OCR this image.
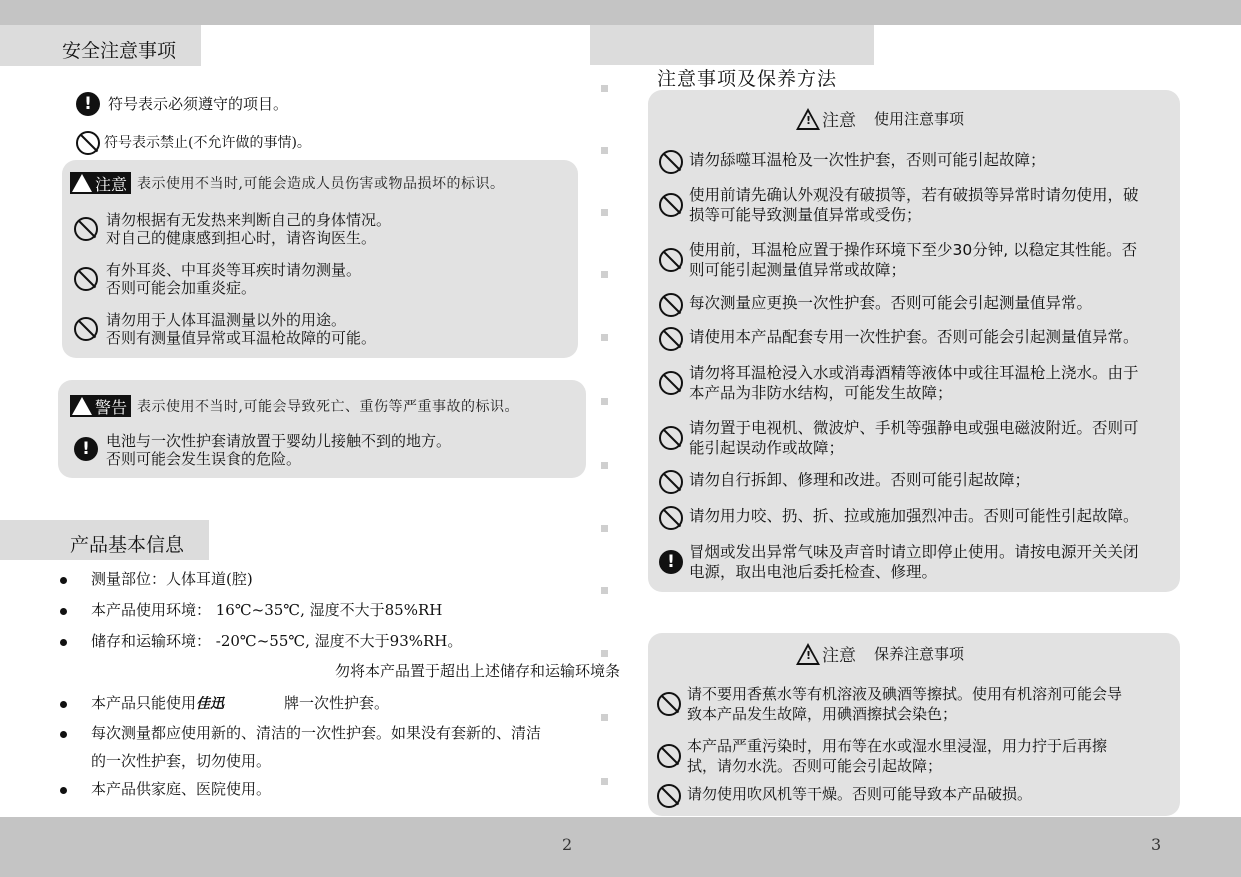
安全注意事项
!	符号表示必须遵守的项目。
符号表示禁止(不允许做的事情)。
!
注意 表示使用不当时,可能会造成人员伤害或物品损坏的标识。
请勿根据有无发热来判断自己的身体情况。
对自己的健康感到担心时，请咨询医生。
有外耳炎、中耳炎等耳疾时请勿测量。
否则可能会加重炎症。
请勿用于人体耳温测量以外的用途。
否则有测量值异常或耳温枪故障的可能。
!
警告 表示使用不当时,可能会导致死亡、重伤等严重事故的标识。
!	电池与一次性护套请放置于婴幼儿接触不到的地方。
否则可能会发生误食的危险。
产品基本信息
测量部位：人体耳道(腔)
本产品使用环境： 16℃~35℃, 湿度不大于85%RH
储存和运输环境： -20℃~55℃, 湿度不大于93%RH。
勿将本产品置于超出上述储存和运输环境条
本产品只能使用佳迅	牌一次性护套。
每次测量都应使用新的、清洁的一次性护套。如果没有套新的、清洁
的一次性护套，切勿使用。
本产品供家庭、医院使用。
2
注意事项及保养方法
!
注意 使用注意事项
请勿舔噬耳温枪及一次性护套，否则可能引起故障；
使用前请先确认外观没有破损等，若有破损等异常时请勿使用，破
损等可能导致测量值异常或受伤；
使用前，耳温枪应置于操作环境下至少30分钟, 以稳定其性能。否
则可能引起测量值异常或故障；
每次测量应更换一次性护套。否则可能会引起测量值异常。
请使用本产品配套专用一次性护套。否则可能会引起测量值异常。
请勿将耳温枪浸入水或消毒酒精等液体中或往耳温枪上浇水。由于
本产品为非防水结构，可能发生故障；
请勿置于电视机、微波炉、手机等强静电或强电磁波附近。否则可
能引起误动作或故障；
请勿自行拆卸、修理和改进。否则可能引起故障；
请勿用力咬、扔、折、拉或施加强烈冲击。否则可能性引起故障。
! 冒烟或发出异常气味及声音时请立即停止使用。请按电源开关关闭
电源，取出电池后委托检查、修理。
!
注意 保养注意事项
请不要用香蕉水等有机溶液及碘酒等擦拭。使用有机溶剂可能会导
致本产品发生故障，用碘酒擦拭会染色；
本产品严重污染时，用布等在水或湿水里浸湿，用力拧于后再擦
拭，请勿水洗。否则可能会引起故障；
请勿使用吹风机等干燥。否则可能导致本产品破损。
3
